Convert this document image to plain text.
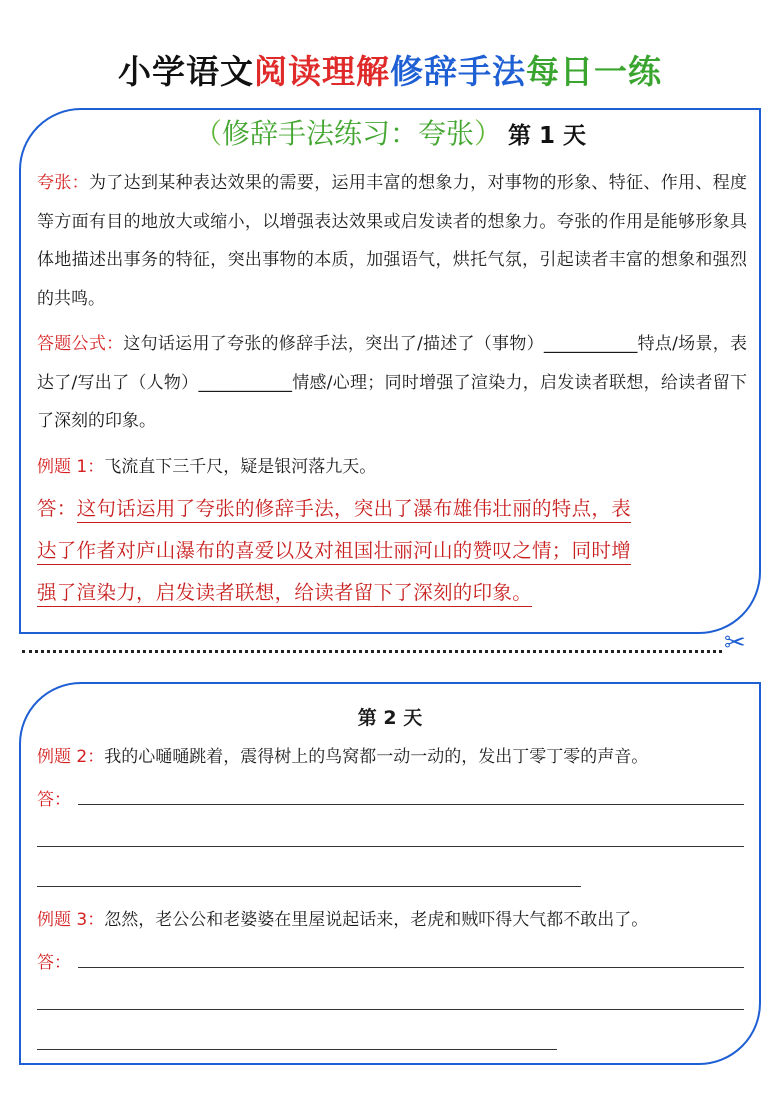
小学语文阅读理解修辞手法每日一练
（修辞手法练习：夸张） 第 1 天
夸张：为了达到某种表达效果的需要，运用丰富的想象力，对事物的形象、特征、作用、程度等方面有目的地放大或缩小，以增强表达效果或启发读者的想象力。夸张的作用是能够形象具体地描述出事务的特征，突出事物的本质，加强语气，烘托气氛，引起读者丰富的想象和强烈的共鸣。
答题公式：这句话运用了夸张的修辞手法，突出了/描述了（事物）___________特点/场景，表达了/写出了（人物）___________情感/心理；同时增强了渲染力，启发读者联想，给读者留下了深刻的印象。
例题 1：飞流直下三千尺，疑是银河落九天。
答：这句话运用了夸张的修辞手法，突出了瀑布雄伟壮丽的特点，表
达了作者对庐山瀑布的喜爱以及对祖国壮丽河山的赞叹之情；同时增
强了渲染力，启发读者联想，给读者留下了深刻的印象。
✂
第 2 天
例题 2：我的心嗵嗵跳着，震得树上的鸟窝都一动一动的，发出丁零丁零的声音。
答：
例题 3：忽然，老公公和老婆婆在里屋说起话来，老虎和贼吓得大气都不敢出了。
答：
